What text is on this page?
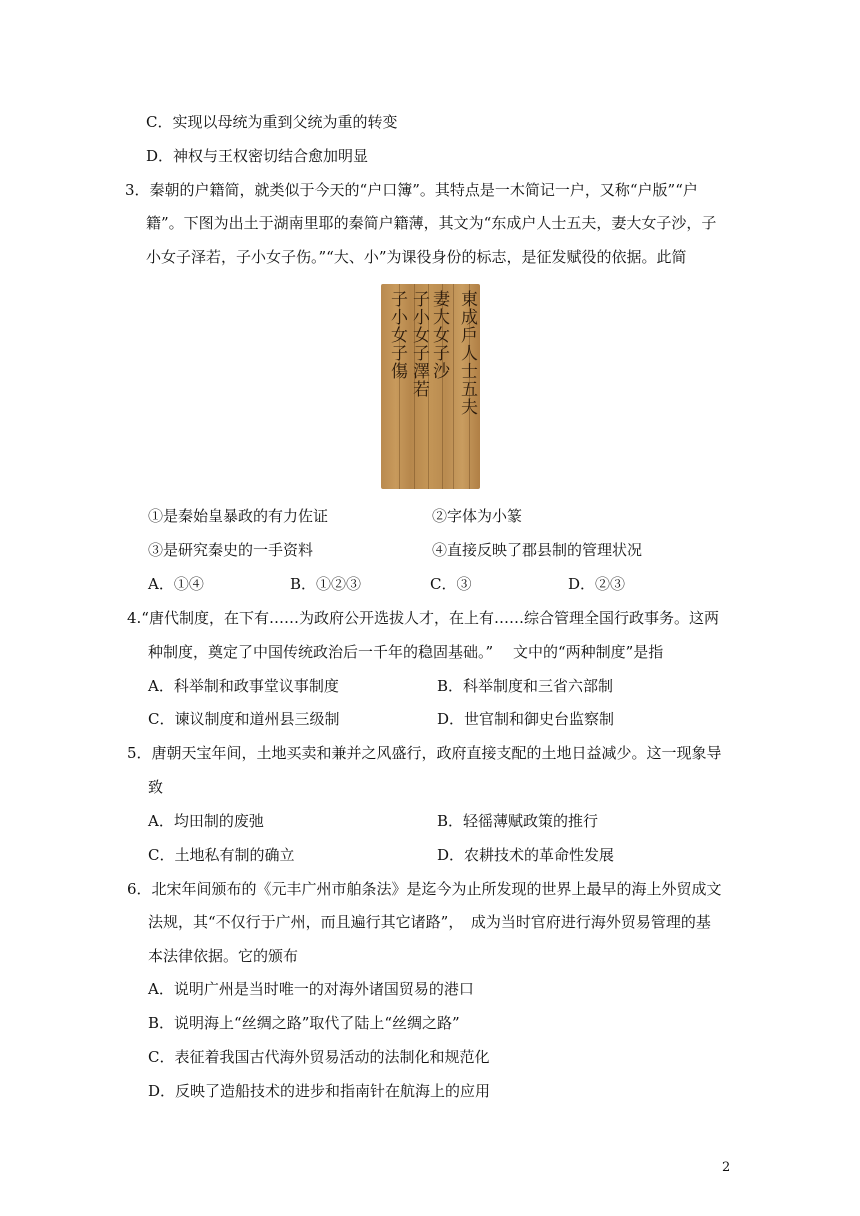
C．实现以母统为重到父统为重的转变
D．神权与王权密切结合愈加明显
3．秦朝的户籍简，就类似于今天的“户口簿”。其特点是一木简记一户，又称“户版”“户
籍”。下图为出土于湖南里耶的秦简户籍薄，其文为“东成户人士五夫，妻大女子沙，子
小女子泽若，子小女子伤。”“大、小”为课役身份的标志，是征发赋役的依据。此简
東成戶人士五夫
妻大女子沙
子小女子澤若
子小女子傷
①是秦始皇暴政的有力佐证	②字体为小篆
③是研究秦史的一手资料	④直接反映了郡县制的管理状况
A．①④	B．①②③	C．③	D．②③
4.“唐代制度，在下有……为政府公开选拔人才，在上有……综合管理全国行政事务。这两
种制度，奠定了中国传统政治后一千年的稳固基础。”　 文中的“两种制度”是指
A．科举制和政事堂议事制度	B．科举制度和三省六部制
C．谏议制度和道州县三级制	D．世官制和御史台监察制
5．唐朝天宝年间，土地买卖和兼并之风盛行，政府直接支配的土地日益减少。这一现象导
致
A．均田制的废弛	B．轻徭薄赋政策的推行
C．土地私有制的确立	D．农耕技术的革命性发展
6．北宋年间颁布的《元丰广州市舶条法》是迄今为止所发现的世界上最早的海上外贸成文
法规，其“不仅行于广州，而且遍行其它诸路”，　成为当时官府进行海外贸易管理的基
本法律依据。它的颁布
A．说明广州是当时唯一的对海外诸国贸易的港口
B．说明海上“丝绸之路”取代了陆上“丝绸之路”
C．表征着我国古代海外贸易活动的法制化和规范化
D．反映了造船技术的进步和指南针在航海上的应用
2
